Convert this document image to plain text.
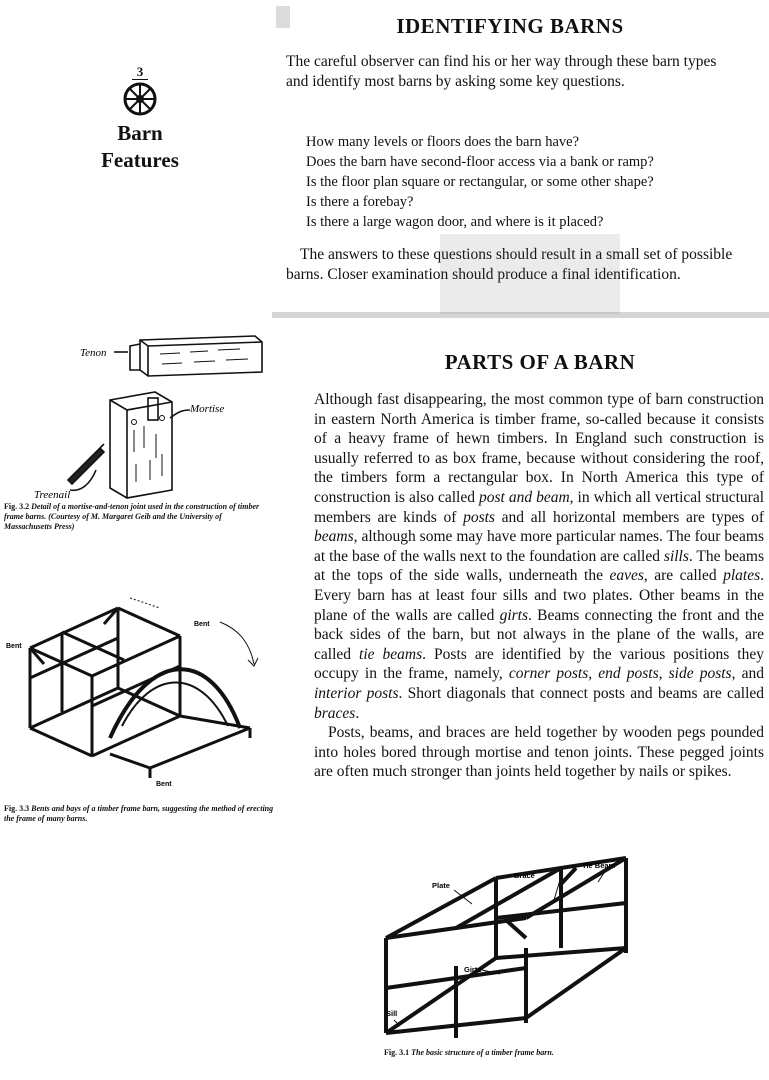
3
Barn
Features
IDENTIFYING BARNS

The careful observer can find his or her way through these barn types and identify most barns by asking some key questions.

How many levels or floors does the barn have?
Does the barn have second-floor access via a bank or ramp?
Is the floor plan square or rectangular, or some other shape?
Is there a forebay?
Is there a large wagon door, and where is it placed?

The answers to these questions should result in a small set of possible barns. Closer examination should produce a final identification.

PARTS OF A BARN

Although fast disappearing, the most common type of barn construction in eastern North America is timber frame, so-called because it consists of a heavy frame of hewn timbers. In England such construction is usually referred to as box frame, because without considering the roof, the timbers form a rectangular box. In North America this type of construction is also called post and beam, in which all vertical structural members are kinds of posts and all horizontal members are types of beams, although some may have more particular names. The four beams at the base of the walls next to the foundation are called sills. The beams at the tops of the side walls, underneath the eaves, are called plates. Every barn has at least four sills and two plates. Other beams in the plane of the walls are called girts. Beams connecting the front and the back sides of the barn, but not always in the plane of the walls, are called tie beams. Posts are identified by the various positions they occupy in the frame, namely, corner posts, end posts, side posts, and interior posts. Short diagonals that connect posts and beams are called braces.

Posts, beams, and braces are held together by wooden pegs pounded into holes bored through mortise and tenon joints. These pegged joints are often much stronger than joints held together by nails or spikes.

Tenon
Mortise
Treenail
Fig. 3.2 Detail of a mortise-and-tenon joint used in the construction of timber frame barns. (Courtesy of M. Margaret Geib and the University of Massachusetts Press)
Bent
Bent
Bent
Fig. 3.3 Bents and bays of a timber frame barn, suggesting the method of erecting the frame of many barns.
Plate
Brace
Tie Beam
Girts
Sill
Fig. 3.1 The basic structure of a timber frame barn.
